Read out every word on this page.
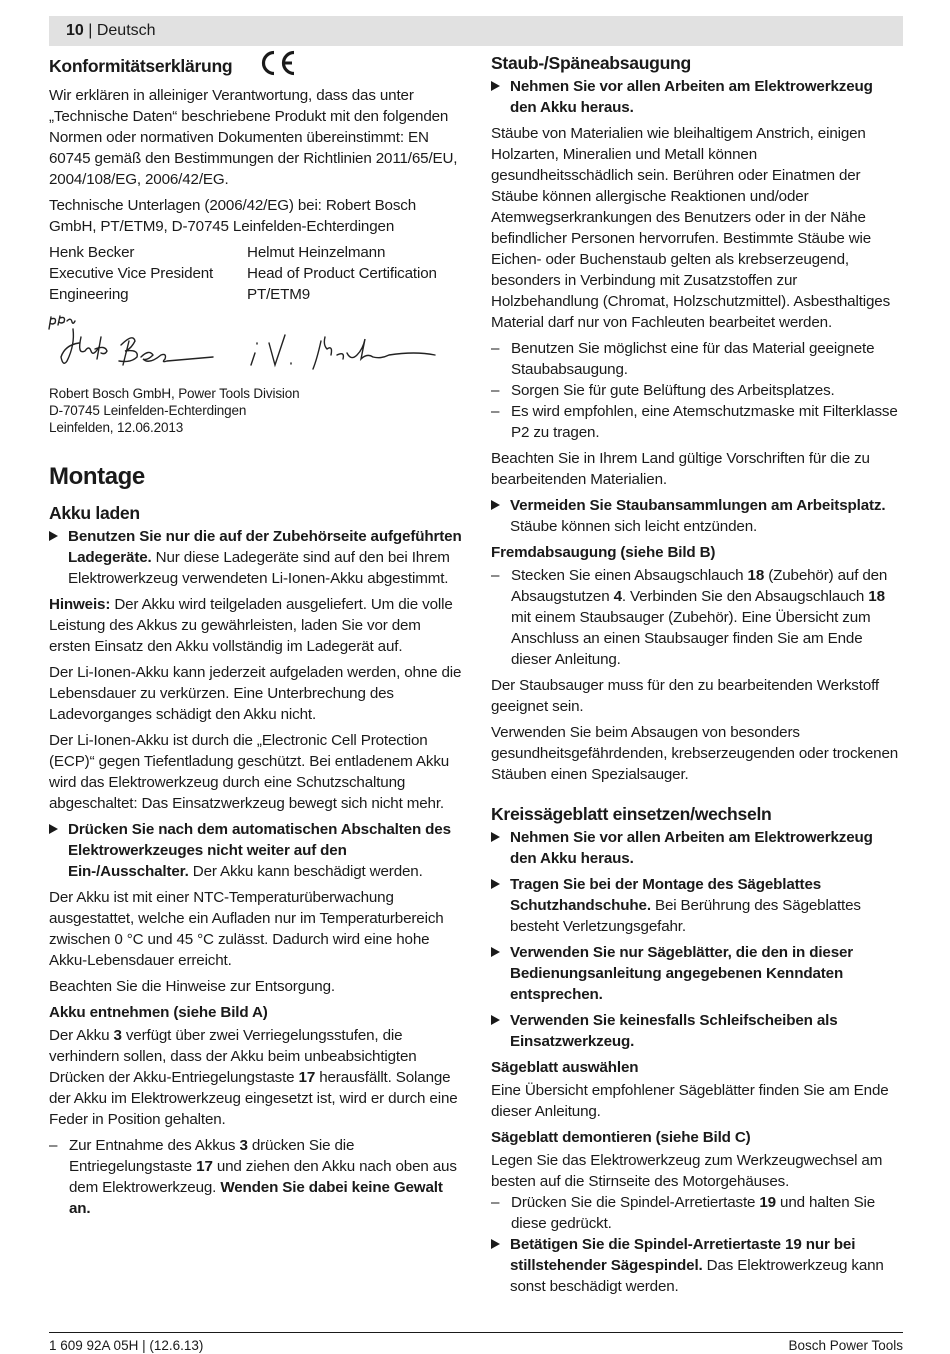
10 | Deutsch
Konformitätserklärung

Wir erklären in alleiniger Verantwortung, dass das unter „Technische Daten“ beschriebene Produkt mit den folgenden Normen oder normativen Dokumenten übereinstimmt: EN 60745 gemäß den Bestimmungen der Richtlinien 2011/65/EU, 2004/108/EG, 2006/42/EG.

Technische Unterlagen (2006/42/EG) bei: Robert Bosch GmbH, PT/ETM9, D-70745 Leinfelden-Echterdingen

Henk Becker
Executive Vice President
Engineering
Helmut Heinzelmann
Head of Product Certification
PT/ETM9
Robert Bosch GmbH, Power Tools Division
D-70745 Leinfelden-Echterdingen
Leinfelden, 12.06.2013
Montage
Akku laden
Benutzen Sie nur die auf der Zubehörseite aufgeführten Ladegeräte. Nur diese Ladegeräte sind auf den bei Ihrem Elektrowerkzeug verwendeten Li-Ionen-Akku abgestimmt.

Hinweis: Der Akku wird teilgeladen ausgeliefert. Um die volle Leistung des Akkus zu gewährleisten, laden Sie vor dem ersten Einsatz den Akku vollständig im Ladegerät auf.

Der Li-Ionen-Akku kann jederzeit aufgeladen werden, ohne die Lebensdauer zu verkürzen. Eine Unterbrechung des Ladevorganges schädigt den Akku nicht.

Der Li-Ionen-Akku ist durch die „Electronic Cell Protection (ECP)“ gegen Tiefentladung geschützt. Bei entladenem Akku wird das Elektrowerkzeug durch eine Schutzschaltung abgeschaltet: Das Einsatzwerkzeug bewegt sich nicht mehr.

Drücken Sie nach dem automatischen Abschalten des Elektrowerkzeuges nicht weiter auf den Ein-/Ausschalter. Der Akku kann beschädigt werden.

Der Akku ist mit einer NTC-Temperaturüberwachung ausgestattet, welche ein Aufladen nur im Temperaturbereich zwischen 0 °C und 45 °C zulässt. Dadurch wird eine hohe Akku-Lebensdauer erreicht.

Beachten Sie die Hinweise zur Entsorgung.

Akku entnehmen (siehe Bild A)

Der Akku 3 verfügt über zwei Verriegelungsstufen, die verhindern sollen, dass der Akku beim unbeabsichtigten Drücken der Akku-Entriegelungstaste 17 herausfällt. Solange der Akku im Elektrowerkzeug eingesetzt ist, wird er durch eine Feder in Position gehalten.

– Zur Entnahme des Akkus 3 drücken Sie die Entriegelungstaste 17 und ziehen den Akku nach oben aus dem Elektrowerkzeug. Wenden Sie dabei keine Gewalt an.
Staub-/Späneabsaugung
Nehmen Sie vor allen Arbeiten am Elektrowerkzeug den Akku heraus.

Stäube von Materialien wie bleihaltigem Anstrich, einigen Holzarten, Mineralien und Metall können gesundheitsschädlich sein. Berühren oder Einatmen der Stäube können allergische Reaktionen und/oder Atemwegserkrankungen des Benutzers oder in der Nähe befindlicher Personen hervorrufen. Bestimmte Stäube wie Eichen- oder Buchenstaub gelten als krebserzeugend, besonders in Verbindung mit Zusatzstoffen zur Holzbehandlung (Chromat, Holzschutzmittel). Asbesthaltiges Material darf nur von Fachleuten bearbeitet werden.

– Benutzen Sie möglichst eine für das Material geeignete Staubabsaugung.
– Sorgen Sie für gute Belüftung des Arbeitsplatzes.
– Es wird empfohlen, eine Atemschutzmaske mit Filterklasse P2 zu tragen.

Beachten Sie in Ihrem Land gültige Vorschriften für die zu bearbeitenden Materialien.

Vermeiden Sie Staubansammlungen am Arbeitsplatz. Stäube können sich leicht entzünden.
Fremdabsaugung (siehe Bild B)
– Stecken Sie einen Absaugschlauch 18 (Zubehör) auf den Absaugstutzen 4. Verbinden Sie den Absaugschlauch 18 mit einem Staubsauger (Zubehör). Eine Übersicht zum Anschluss an einen Staubsauger finden Sie am Ende dieser Anleitung.

Der Staubsauger muss für den zu bearbeitenden Werkstoff geeignet sein.

Verwenden Sie beim Absaugen von besonders gesundheitsgefährdenden, krebserzeugenden oder trockenen Stäuben einen Spezialsauger.

Kreissägeblatt einsetzen/wechseln
Nehmen Sie vor allen Arbeiten am Elektrowerkzeug den Akku heraus.
Tragen Sie bei der Montage des Sägeblattes Schutzhandschuhe. Bei Berührung des Sägeblattes besteht Verletzungsgefahr.
Verwenden Sie nur Sägeblätter, die den in dieser Bedienungsanleitung angegebenen Kenndaten entsprechen.
Verwenden Sie keinesfalls Schleifscheiben als Einsatzwerkzeug.
Sägeblatt auswählen

Eine Übersicht empfohlener Sägeblätter finden Sie am Ende dieser Anleitung.

Sägeblatt demontieren (siehe Bild C)

Legen Sie das Elektrowerkzeug zum Werkzeugwechsel am besten auf die Stirnseite des Motorgehäuses.

– Drücken Sie die Spindel-Arretiertaste 19 und halten Sie diese gedrückt.
Betätigen Sie die Spindel-Arretiertaste 19 nur bei stillstehender Sägespindel. Das Elektrowerkzeug kann sonst beschädigt werden.
1 609 92A 05H | (12.6.13)	Bosch Power Tools
